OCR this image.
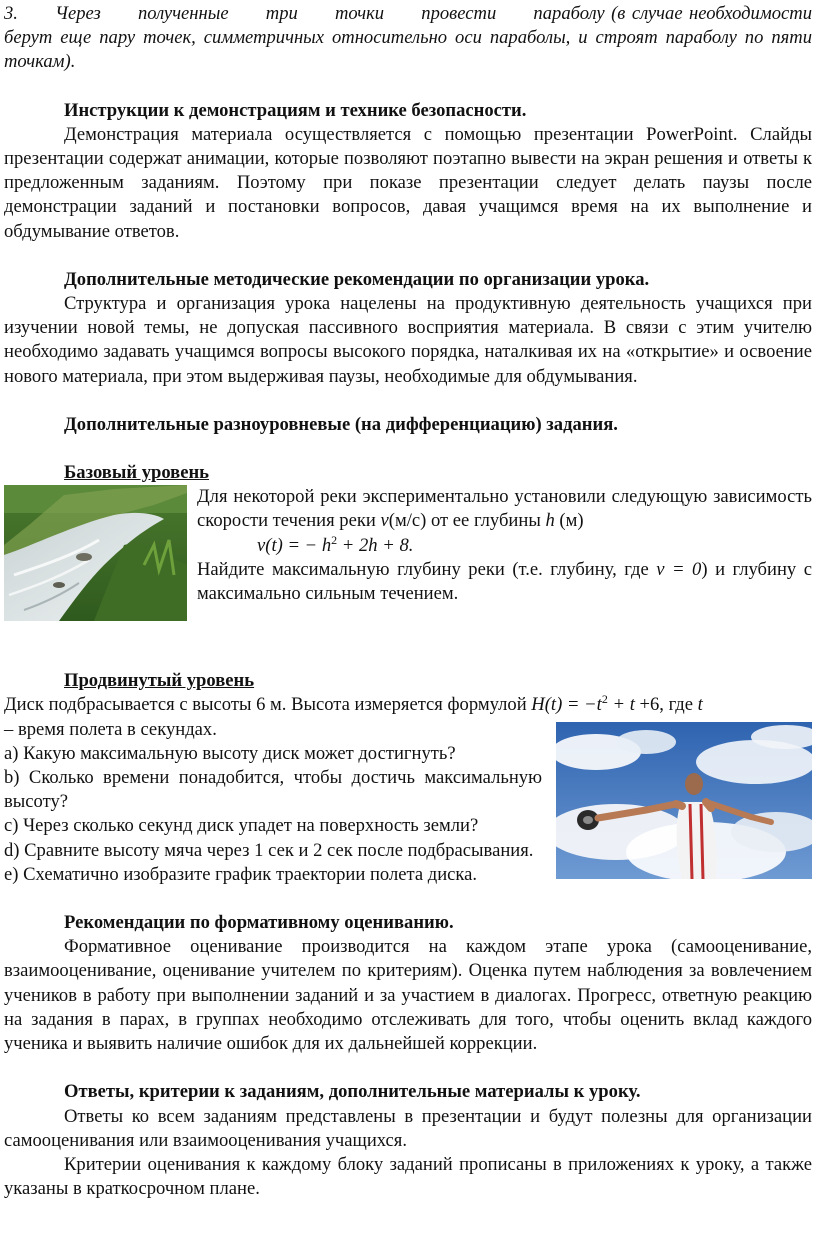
3.  Через  полученные  три  точки  провести  параболу (в случае необходимости берут еще пару точек, симметричных относительно оси параболы, и строят параболу по пяти точкам).

Инструкции к демонстрациям и технике безопасности.

Демонстрация материала осуществляется с помощью презентации PowerPoint. Слайды презентации содержат анимации, которые позволяют поэтапно вывести на экран решения и ответы к предложенным заданиям. Поэтому при показе презентации следует делать паузы после демонстрации заданий и постановки вопросов, давая учащимся время на их выполнение и обдумывание ответов.

Дополнительные методические рекомендации по организации урока.

Структура и организация урока нацелены на продуктивную деятельность учащихся при изучении новой темы, не допуская пассивного восприятия материала. В связи с этим учителю необходимо задавать учащимся вопросы высокого порядка, наталкивая их на «открытие» и освоение нового материала, при этом выдерживая паузы, необходимые для обдумывания.

Дополнительные разноуровневые (на дифференциацию) задания.

Базовый уровень

Для некоторой реки экспериментально установили следующую зависимость скорости течения реки v(м/с) от ее глубины h (м)

v(t) = − $h^2 + 2h + 8$.

Найдите максимальную глубину реки (т.е. глубину, где v = 0) и глубину с максимально сильным течением.

Продвинутый уровень

Диск подбрасывается с высоты 6 м. Высота измеряется формулой $H(t) = -t^2 + t +6$, где t

– время полета в секундах.

a) Какую максимальную высоту диск может достигнуть?

b) Сколько времени понадобится, чтобы достичь максимальную высоту?

c) Через сколько секунд диск упадет на поверхность земли?

d) Сравните высоту мяча через 1 сек и 2 сек после подбрасывания.

e) Схематично изобразите график траектории полета диска.

Рекомендации по формативному оцениванию.

Формативное оценивание производится на каждом этапе урока (самооценивание, взаимооценивание, оценивание учителем по критериям). Оценка путем наблюдения за вовлечением учеников в работу при выполнении заданий и за участием в диалогах. Прогресс, ответную реакцию на задания в парах, в группах необходимо отслеживать для того, чтобы оценить вклад каждого ученика и выявить наличие ошибок для их дальнейшей коррекции.

Ответы, критерии к заданиям, дополнительные материалы к уроку.

Ответы ко всем заданиям представлены в презентации и будут полезны для организации самооценивания или взаимооценивания учащихся.

Критерии оценивания к каждому блоку заданий прописаны в приложениях к уроку, а также указаны в краткосрочном плане.
